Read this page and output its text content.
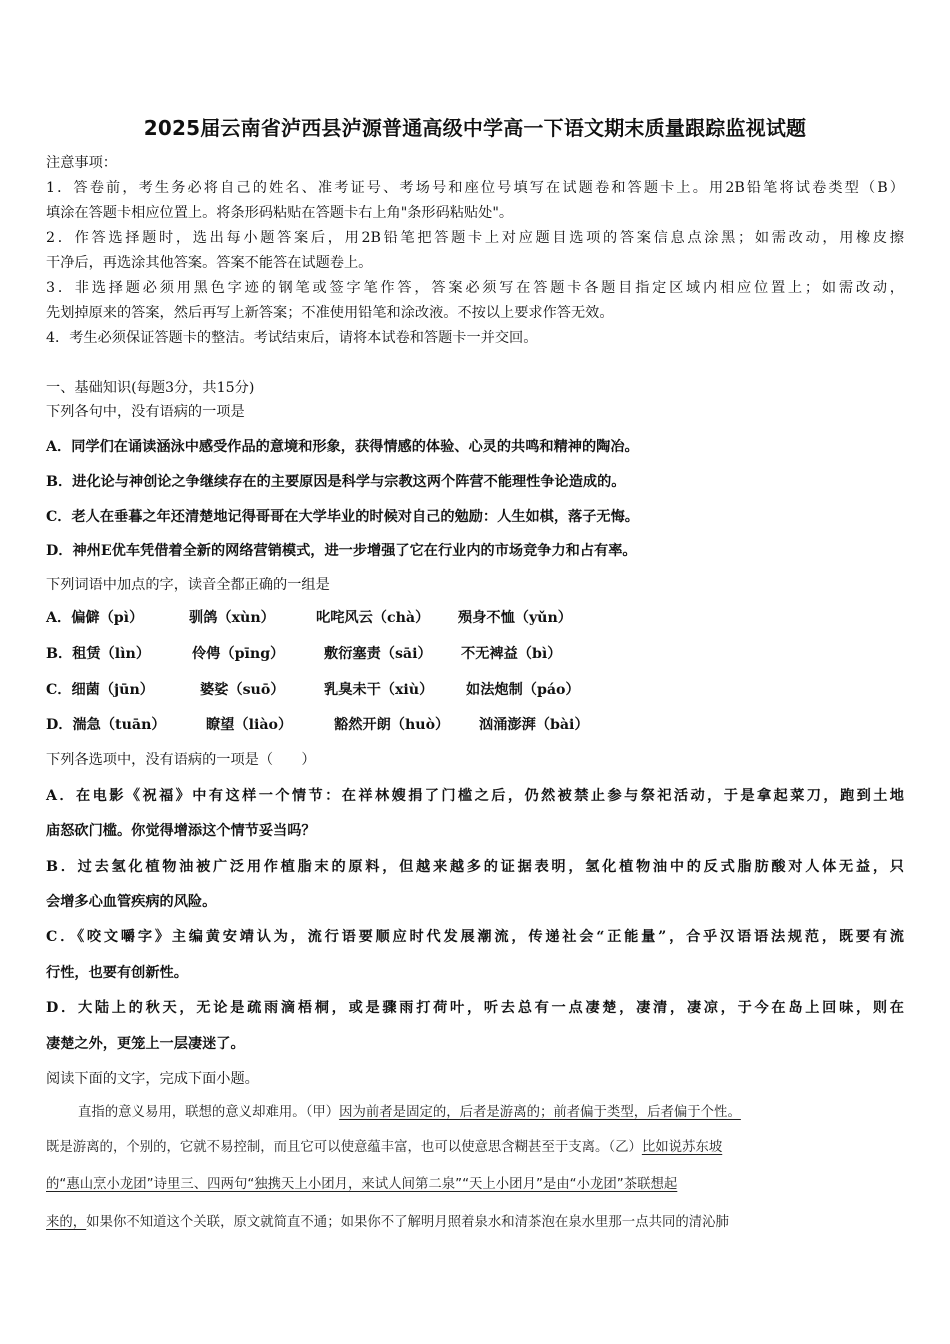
2025届云南省泸西县泸源普通高级中学高一下语文期末质量跟踪监视试题
注意事项：
1．答卷前，考生务必将自己的姓名、准考证号、考场号和座位号填写在试题卷和答题卡上。用2B铅笔将试卷类型（B）
填涂在答题卡相应位置上。将条形码粘贴在答题卡右上角"条形码粘贴处"。
2．作答选择题时，选出每小题答案后，用2B铅笔把答题卡上对应题目选项的答案信息点涂黑；如需改动，用橡皮擦
干净后，再选涂其他答案。答案不能答在试题卷上。
3．非选择题必须用黑色字迹的钢笔或签字笔作答，答案必须写在答题卡各题目指定区域内相应位置上；如需改动，
先划掉原来的答案，然后再写上新答案；不准使用铅笔和涂改液。不按以上要求作答无效。
4．考生必须保证答题卡的整洁。考试结束后，请将本试卷和答题卡一并交回。
一、基础知识(每题3分，共15分)
下列各句中，没有语病的一项是
A．同学们在诵读涵泳中感受作品的意境和形象，获得情感的体验、心灵的共鸣和精神的陶冶。
B．进化论与神创论之争继续存在的主要原因是科学与宗教这两个阵营不能理性争论造成的。
C．老人在垂暮之年还清楚地记得哥哥在大学毕业的时候对自己的勉励：人生如棋，落子无悔。
D．神州E优车凭借着全新的网络营销模式，进一步增强了它在行业内的市场竞争力和占有率。
下列词语中加点的字，读音全都正确的一组是
A．偏僻（pì）	驯鸽（xùn）	叱咤风云（chà） 殒身不恤（yǔn）
B．租赁（lìn）	伶俜（pīng）	敷衍塞责（sāi） 不无裨益（bì）
C．细菌（jūn）	婆娑（suō）	乳臭未干（xiù） 如法炮制（páo）
D．湍急（tuān）	瞭望（liào）	豁然开朗（huò） 汹涌澎湃（bài）
下列各选项中，没有语病的一项是（　　）
A．在电影《祝福》中有这样一个情节：在祥林嫂捐了门槛之后，仍然被禁止参与祭祀活动，于是拿起菜刀，跑到土地
庙怒砍门槛。你觉得增添这个情节妥当吗？
B．过去氢化植物油被广泛用作植脂末的原料，但越来越多的证据表明，氢化植物油中的反式脂肪酸对人体无益，只
会增多心血管疾病的风险。
C．《咬文嚼字》主编黄安靖认为，流行语要顺应时代发展潮流，传递社会“正能量”，合乎汉语语法规范，既要有流
行性，也要有创新性。
D．大陆上的秋天，无论是疏雨滴梧桐，或是骤雨打荷叶，听去总有一点凄楚，凄清，凄凉，于今在岛上回味，则在
凄楚之外，更笼上一层凄迷了。
阅读下面的文字，完成下面小题。
直指的意义易用，联想的意义却难用。（甲）因为前者是固定的，后者是游离的；前者偏于类型，后者偏于个性。
既是游离的，个别的，它就不易控制，而且它可以使意蕴丰富，也可以使意思含糊甚至于支离。（乙）比如说苏东坡
的“惠山烹小龙团”诗里三、四两句“独携天上小团月，来试人间第二泉”“天上小团月”是由“小龙团”茶联想起
来的，如果你不知道这个关联，原文就简直不通；如果你不了解明月照着泉水和清茶泡在泉水里那一点共同的清沁肺
